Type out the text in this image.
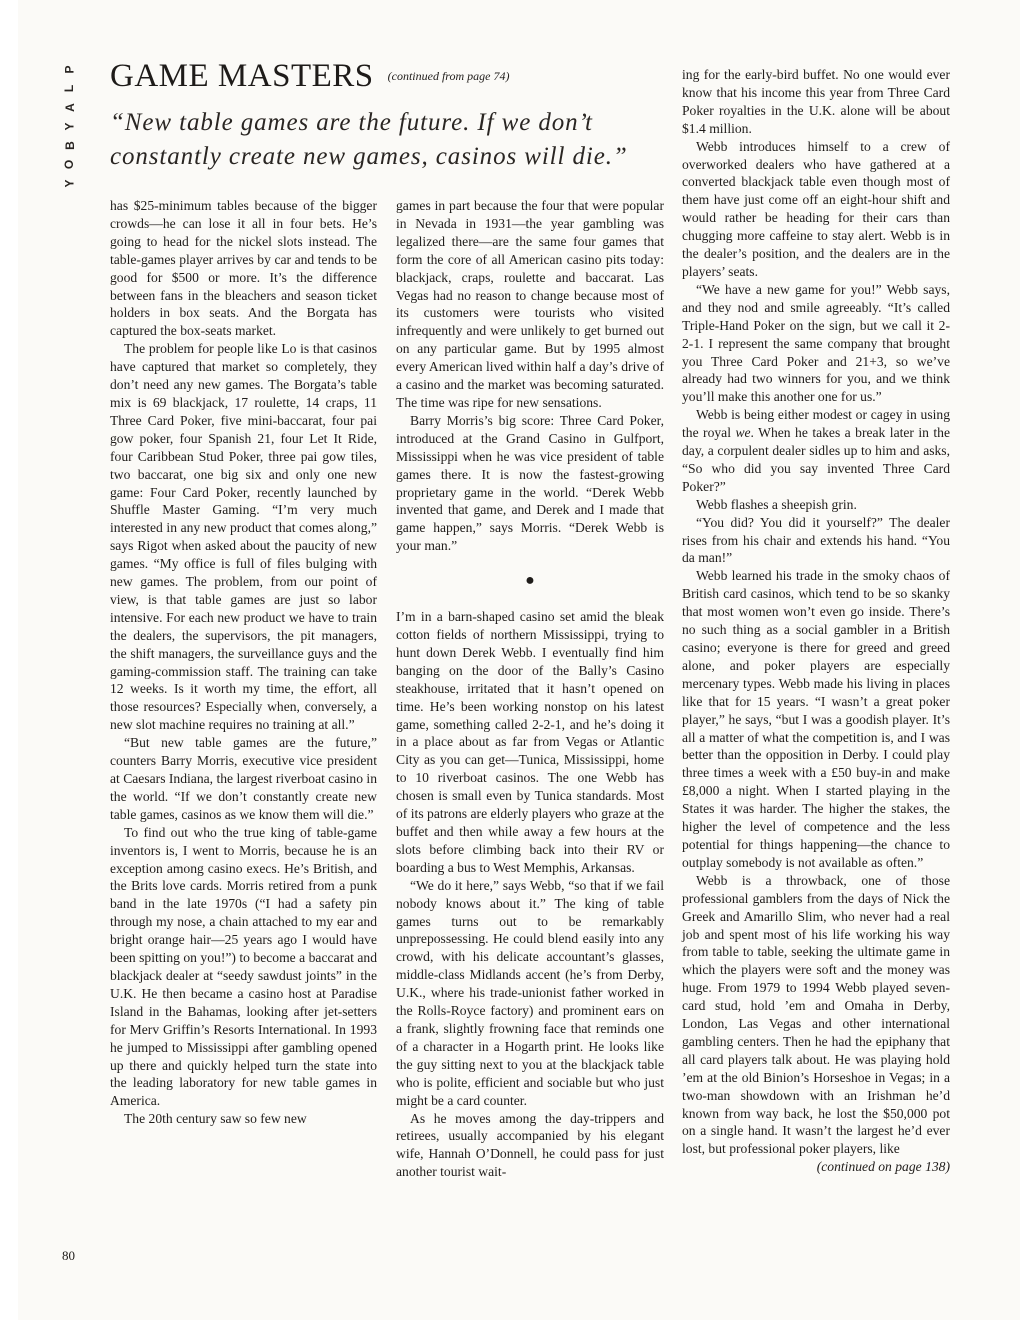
P
L
A
Y
B
O
Y
GAME MASTERS $^{(continued from page 74)}$
“New table games are the future. If we don’t constantly create new games, casinos will die.”

has $25-minimum tables because of the bigger crowds—he can lose it all in four bets. He’s going to head for the nickel slots instead. The table-games player arrives by car and tends to be good for $500 or more. It’s the difference between fans in the bleachers and season ticket holders in box seats. And the Borgata has captured the box-seats market.

The problem for people like Lo is that casinos have captured that market so completely, they don’t need any new games. The Borgata’s table mix is 69 blackjack, 17 roulette, 14 craps, 11 Three Card Poker, five mini-baccarat, four pai gow poker, four Spanish 21, four Let It Ride, four Caribbean Stud Poker, three pai gow tiles, two baccarat, one big six and only one new game: Four Card Poker, recently launched by Shuffle Master Gaming. “I’m very much interested in any new product that comes along,” says Rigot when asked about the paucity of new games. “My office is full of files bulging with new games. The problem, from our point of view, is that table games are just so labor intensive. For each new product we have to train the dealers, the supervisors, the pit managers, the shift managers, the surveillance guys and the gaming-commission staff. The training can take 12 weeks. Is it worth my time, the effort, all those resources? Especially when, conversely, a new slot machine requires no training at all.”

“But new table games are the future,” counters Barry Morris, executive vice president at Caesars Indiana, the largest riverboat casino in the world. “If we don’t constantly create new table games, casinos as we know them will die.”

To find out who the true king of table-game inventors is, I went to Morris, because he is an exception among casino execs. He’s British, and the Brits love cards. Morris retired from a punk band in the late 1970s (“I had a safety pin through my nose, a chain attached to my ear and bright orange hair—25 years ago I would have been spitting on you!”) to become a baccarat and blackjack dealer at “seedy sawdust joints” in the U.K. He then became a casino host at Paradise Island in the Bahamas, looking after jet-setters for Merv Griffin’s Resorts International. In 1993 he jumped to Mississippi after gambling opened up there and quickly helped turn the state into the leading laboratory for new table games in America.

The 20th century saw so few new

games in part because the four that were popular in Nevada in 1931—the year gambling was legalized there—are the same four games that form the core of all American casino pits today: blackjack, craps, roulette and baccarat. Las Vegas had no reason to change because most of its customers were tourists who visited infrequently and were unlikely to get burned out on any particular game. But by 1995 almost every American lived within half a day’s drive of a casino and the market was becoming saturated. The time was ripe for new sensations.

Barry Morris’s big score: Three Card Poker, introduced at the Grand Casino in Gulfport, Mississippi when he was vice president of table games there. It is now the fastest-growing proprietary game in the world. “Derek Webb invented that game, and Derek and I made that game happen,” says Morris. “Derek Webb is your man.”

●

I’m in a barn-shaped casino set amid the bleak cotton fields of northern Mississippi, trying to hunt down Derek Webb. I eventually find him banging on the door of the Bally’s Casino steakhouse, irritated that it hasn’t opened on time. He’s been working nonstop on his latest game, something called 2-2-1, and he’s doing it in a place about as far from Vegas or Atlantic City as you can get—Tunica, Mississippi, home to 10 riverboat casinos. The one Webb has chosen is small even by Tunica standards. Most of its patrons are elderly players who graze at the buffet and then while away a few hours at the slots before climbing back into their RV or boarding a bus to West Memphis, Arkansas.

“We do it here,” says Webb, “so that if we fail nobody knows about it.” The king of table games turns out to be remarkably unprepossessing. He could blend easily into any crowd, with his delicate accountant’s glasses, middle-class Midlands accent (he’s from Derby, U.K., where his trade-unionist father worked in the Rolls-Royce factory) and prominent ears on a frank, slightly frowning face that reminds one of a character in a Hogarth print. He looks like the guy sitting next to you at the blackjack table who is polite, efficient and sociable but who just might be a card counter.

As he moves among the day-trippers and retirees, usually accompanied by his elegant wife, Hannah O’Donnell, he could pass for just another tourist wait-

ing for the early-bird buffet. No one would ever know that his income this year from Three Card Poker royalties in the U.K. alone will be about $1.4 million.

Webb introduces himself to a crew of overworked dealers who have gathered at a converted blackjack table even though most of them have just come off an eight-hour shift and would rather be heading for their cars than chugging more caffeine to stay alert. Webb is in the dealer’s position, and the dealers are in the players’ seats.

“We have a new game for you!” Webb says, and they nod and smile agreeably. “It’s called Triple-Hand Poker on the sign, but we call it 2-2-1. I represent the same company that brought you Three Card Poker and 21+3, so we’ve already had two winners for you, and we think you’ll make this another one for us.”

Webb is being either modest or cagey in using the royal we. When he takes a break later in the day, a corpulent dealer sidles up to him and asks, “So who did you say invented Three Card Poker?”

Webb flashes a sheepish grin.

“You did? You did it yourself?” The dealer rises from his chair and extends his hand. “You da man!”

Webb learned his trade in the smoky chaos of British card casinos, which tend to be so skanky that most women won’t even go inside. There’s no such thing as a social gambler in a British casino; everyone is there for greed and greed alone, and poker players are especially mercenary types. Webb made his living in places like that for 15 years. “I wasn’t a great poker player,” he says, “but I was a goodish player. It’s all a matter of what the competition is, and I was better than the opposition in Derby. I could play three times a week with a £50 buy-in and make £8,000 a night. When I started playing in the States it was harder. The higher the stakes, the higher the level of competence and the less potential for things happening—the chance to outplay somebody is not available as often.”

Webb is a throwback, one of those professional gamblers from the days of Nick the Greek and Amarillo Slim, who never had a real job and spent most of his life working his way from table to table, seeking the ultimate game in which the players were soft and the money was huge. From 1979 to 1994 Webb played seven-card stud, hold ’em and Omaha in Derby, London, Las Vegas and other international gambling centers. Then he had the epiphany that all card players talk about. He was playing hold ’em at the old Binion’s Horseshoe in Vegas; in a two-man showdown with an Irishman he’d known from way back, he lost the $50,000 pot on a single hand. It wasn’t the largest he’d ever lost, but professional poker players, like

(continued on page 138)

80
